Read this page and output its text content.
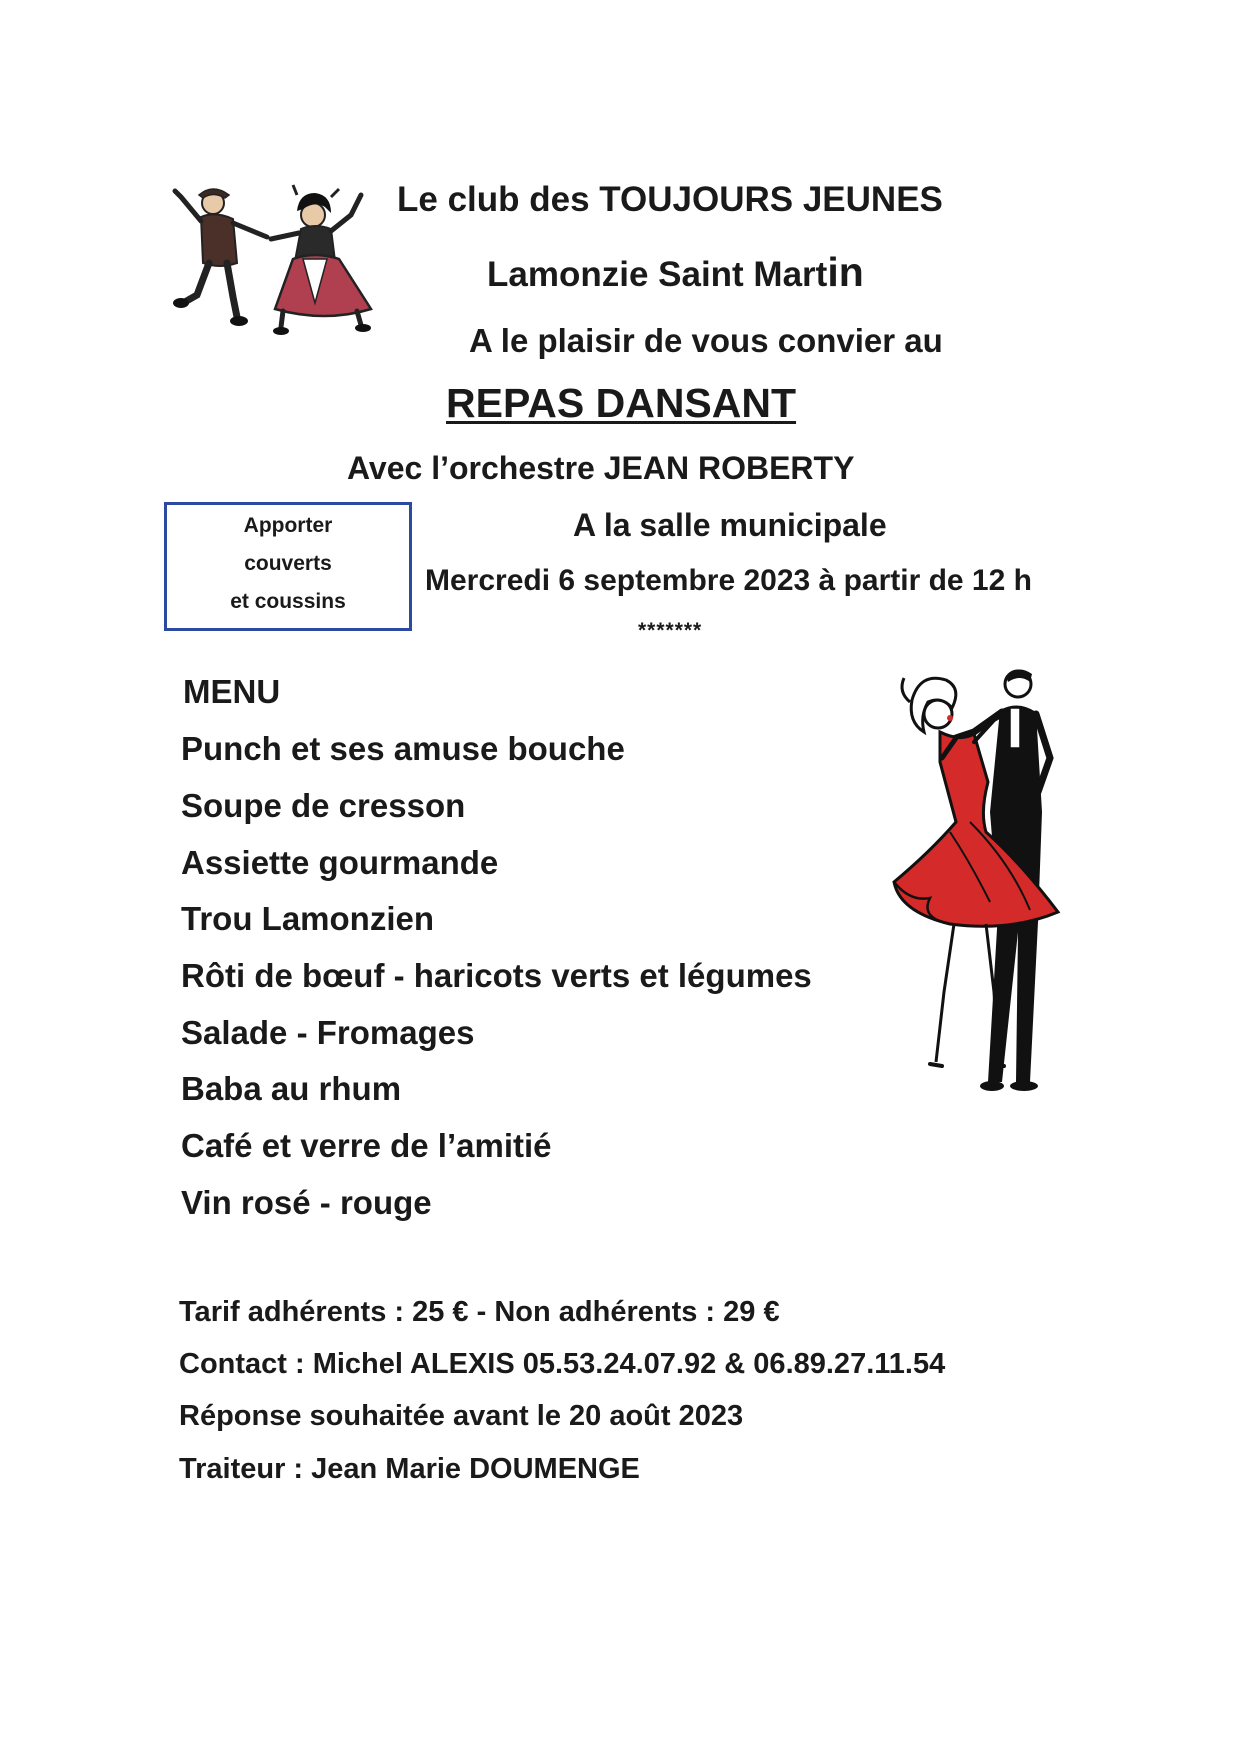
Le club des TOUJOURS JEUNES
Lamonzie Saint Martin
A le plaisir de vous convier au
REPAS DANSANT
Avec l’orchestre JEAN ROBERTY
A la salle municipale
Mercredi 6 septembre 2023 à partir de 12 h
*******
Apporter
couverts
et coussins
MENU
Punch et ses amuse bouche
Soupe de cresson
Assiette gourmande
Trou Lamonzien
Rôti de bœuf - haricots verts et légumes
Salade - Fromages
Baba au rhum
Café et verre de l’amitié
Vin rosé - rouge
Tarif adhérents : 25 € - Non adhérents : 29 €
Contact : Michel ALEXIS 05.53.24.07.92 & 06.89.27.11.54
Réponse souhaitée avant le 20 août 2023
Traiteur : Jean Marie DOUMENGE
